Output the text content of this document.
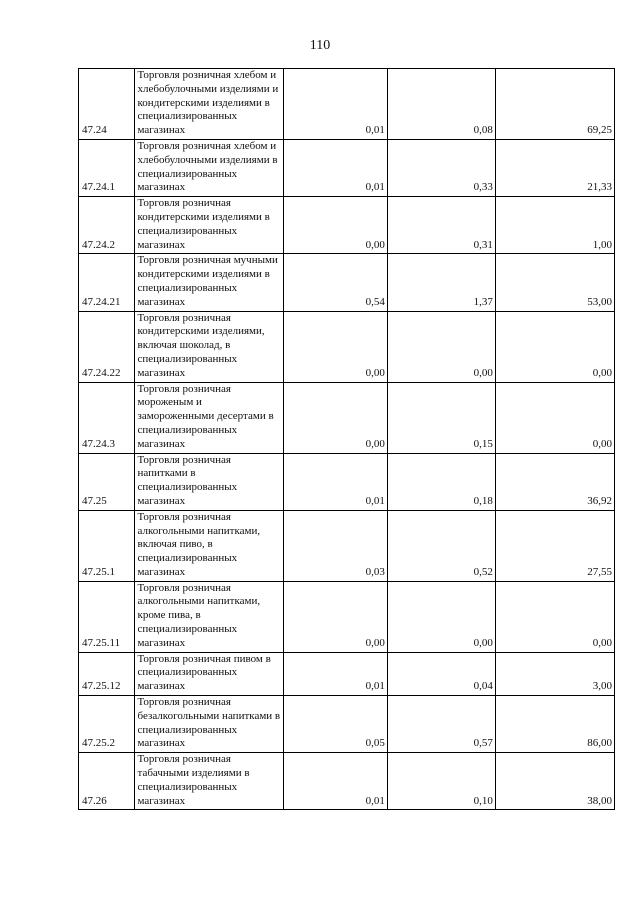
110
47.24	Торговля розничная хлебом и хлебобулочными изделиями и кондитерскими изделиями в специализированных магазинах	0,01	0,08	69,25
47.24.1	Торговля розничная хлебом и хлебобулочными изделиями в специализированных магазинах	0,01	0,33	21,33
47.24.2	Торговля розничная кондитерскими изделиями в специализированных магазинах	0,00	0,31	1,00
47.24.21	Торговля розничная мучными кондитерскими изделиями в специализированных магазинах	0,54	1,37	53,00
47.24.22	Торговля розничная кондитерскими изделиями, включая шоколад, в специализированных магазинах	0,00	0,00	0,00
47.24.3	Торговля розничная мороженым и замороженными десертами в специализированных магазинах	0,00	0,15	0,00
47.25	Торговля розничная напитками в специализированных магазинах	0,01	0,18	36,92
47.25.1	Торговля розничная алкогольными напитками, включая пиво, в специализированных магазинах	0,03	0,52	27,55
47.25.11	Торговля розничная алкогольными напитками, кроме пива, в специализированных магазинах	0,00	0,00	0,00
47.25.12	Торговля розничная пивом в специализированных магазинах	0,01	0,04	3,00
47.25.2	Торговля розничная безалкогольными напитками в специализированных магазинах	0,05	0,57	86,00
47.26	Торговля розничная табачными изделиями в специализированных магазинах	0,01	0,10	38,00
